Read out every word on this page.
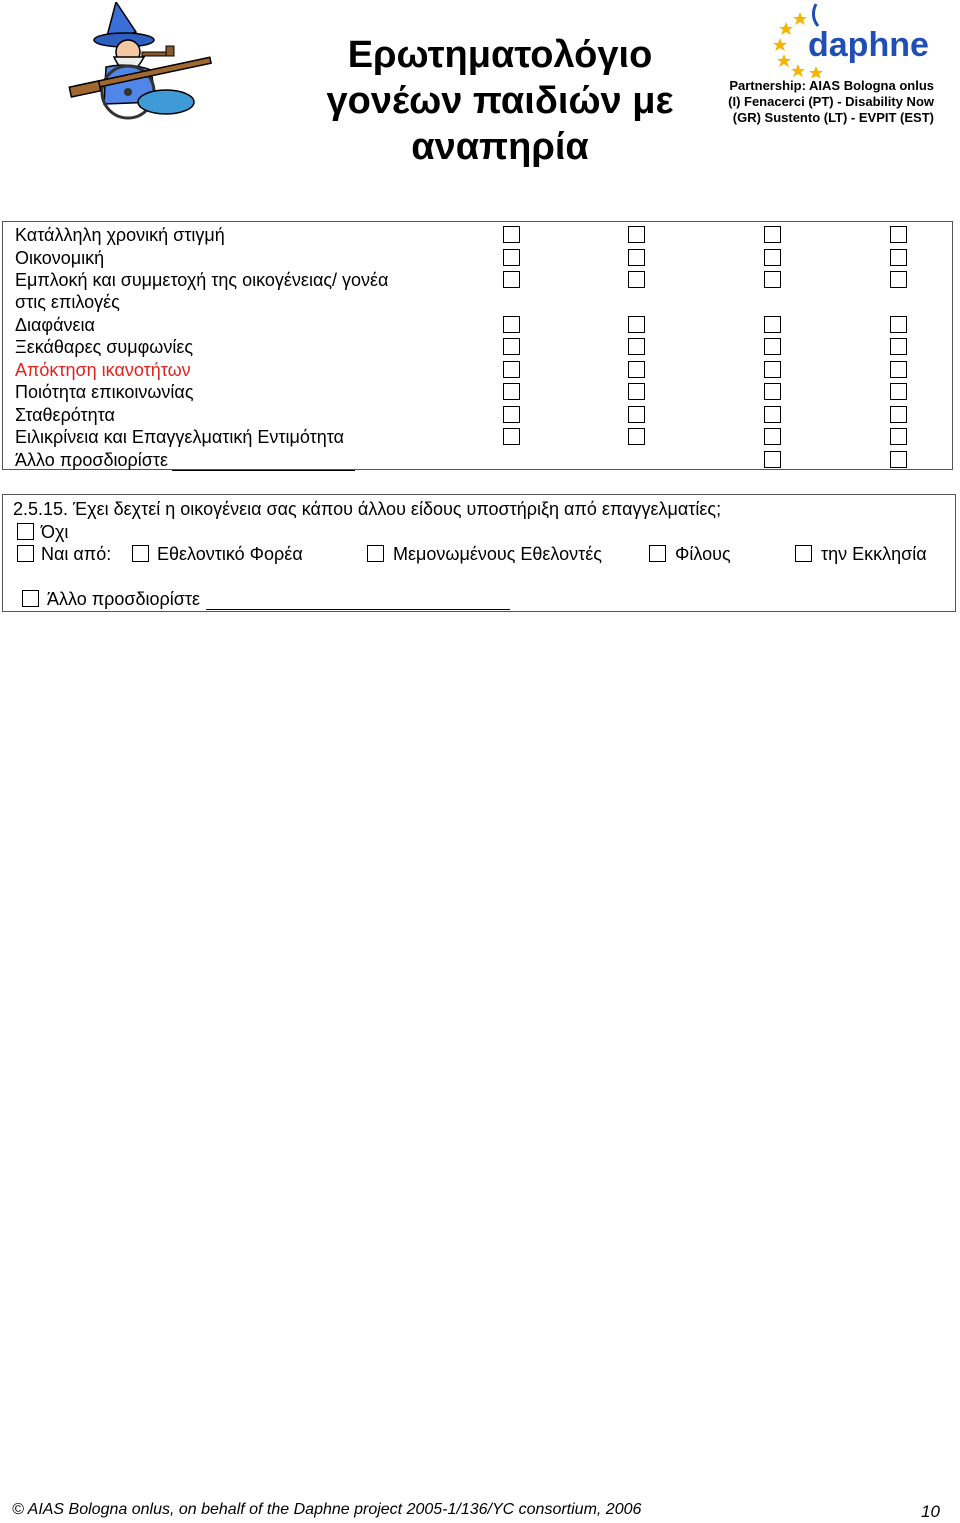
Ερωτηματολόγιο
γονέων παιδιών με
αναπηρία
daphne
Partnership: AIAS Bologna onlus (I) Fenacerci (PT) - Disability Now (GR) Sustento (LT) - EVPIT (EST)
Κατάλληλη χρονική στιγμή
Οικονομική
Εμπλοκή και συμμετοχή της οικογένειας/ γονέα
στις επιλογές
Διαφάνεια
Ξεκάθαρες συμφωνίες
Απόκτηση ικανοτήτων
Ποιότητα επικοινωνίας
Σταθερότητα
Ειλικρίνεια και Επαγγελματική Εντιμότητα
Άλλο προσδιορίστε
2.5.15. Έχει δεχτεί η οικογένεια σας κάπου άλλου είδους υποστήριξη από επαγγελματίες;
Όχι
Ναι από:	Εθελοντικό Φορέα	Μεμονωμένους Εθελοντές	Φίλους	την Εκκλησία
Άλλο προσδιορίστε
© AIAS Bologna onlus, on behalf of the Daphne project 2005-1/136/YC consortium, 2006	10
